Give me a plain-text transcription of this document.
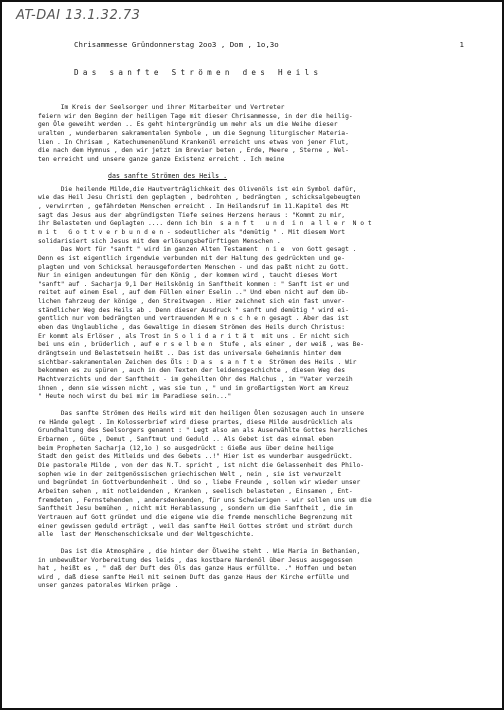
AT-DAI 13.1.32.73
Chrisammesse Gründonnerstag 2oo3 , Dom , 1o,3o	1
Das sanfte Strömen des Heils

Im Kreis der Seelsorger und ihrer Mitarbeiter und Vertreter
feiern wir den Beginn der heiligen Tage mit dieser Chrisammesse, in der die heilig-
gen Öle geweiht werden .. Es geht hintergründig um mehr als um die Weihe dieser
uralten , wunderbaren sakramentalen Symbole , um die Segnung liturgischer Materia-
lien . In Chrisam , Katechumenenölund Krankenöl erreicht uns etwas von jener Flut,
die nach dem Hymnus , den wir jetzt im Brevier beten , Erde, Meere , Sterne , Wel-
ten erreicht und unsere ganze ganze Existenz erreicht . Ich meine

das sanfte Strömen des Heils .

Die heilende Milde,die Hautverträglichkeit des Olivenöls ist ein Symbol dafür,
wie das Heil Jesu Christi den geplagten , bedrohten , bedrängten , schicksalgebeugten
, verwirrten , gefährdeten Menschen erreicht . Im Heilandsruf im 11.Kapitel des Mt
sagt das Jesus aus der abgründigsten Tiefe seines Herzens heraus : "Kommt zu mir,
ihr Belasteten und Geplagten .... denn ich bin  s a n f t   u n d  i n  a l l e r  N o t
m i t   G o t t v e r b u n d e n - sodeutlicher als "demütig " . Mit diesem Wort
solidarisiert sich Jesus mit dem erlösungsbefürftigen Menschen .
Das Wort für "sanft " wird im ganzen Alten Testament  n i e  von Gott gesagt .
Denn es ist eigentlich irgendwie verbunden mit der Haltung des gedrückten und ge-
plagten und vom Schicksal herausgeforderten Menschen - und das paßt nicht zu Gott.
Nur in einigen andeutungen für den König , der kommen wird , taucht dieses Wort
"sanft" auf . Sacharja 9,1 Der Heilskönig in Sanftheit kommen : " Sanft ist er und
reitet auf einem Esel , auf dem Füllen einer Eselin .." Und eben nicht auf dem üb-
lichen fahrzeug der könige , den Streitwagen . Hier zeichnet sich ein fast unver-
ständlicher Weg des Heils ab . Denn dieser Ausdruck " sanft und demütig " wird ei-
gentlich nur vom bedrängten und vertrauenden M e n s c h e n gesagt . Aber das ist
eben das Unglaubliche , das Gewaltige in diesem Strömen des Heils durch Christus:
Er kommt als Erlöser , als Trost in S o l i d a r i t ä t  mit uns . Er nicht sich
bei uns ein , brüderlich , auf e r s e l b e n  Stufe , als einer , der weiß , was Be-
drängtsein und Belastetsein heißt .. Das ist das universale Geheimnis hinter dem
sichtbar-sakramentalen Zeichen des Öls : D a s  s a n f t e  Strömen des Heils . Wir
bekommen es zu spüren , auch in den Texten der leidensgeschichte , diesen Weg des
Machtverzichts und der Sanftheit - im geheilten Ohr des Malchus , im "Vater verzeih
ihnen , denn sie wissen nicht , was sie tun , " und im großartigsten Wort am Kreuz
" Heute noch wirst du bei mir im Paradiese sein..."

Das sanfte Strömen des Heils wird mit den heiligen Ölen sozusagen auch in unsere
re Hände gelegt . Im Kolosserbrief wird diese prartes, diese Milde ausdrücklich als
Grundhaltung des Seelsorgers genannt : " Legt also an als Auserwählte Gottes herzliches
Erbarmen , Güte , Demut , Sanftmut und Geduld .. Als Gebet ist das einmal eben
beim Propheten Sacharja (12,1o ) so ausgedrückt : Gieße aus über deine heilige
Stadt den geist des Mitleids und des Gebets ..!" Hier ist es wunderbar ausgedrückt.
Die pastorale Milde , von der das N.T. spricht , ist nicht die Gelassenheit des Philo-
sophen wie in der zeitgenössischen griechischen Welt , nein , sie ist verwurzelt
und begründet in Gottverbundenheit . Und so , liebe Freunde , sollen wir wieder unser
Arbeiten sehen , mit notleidenden , Kranken , seelisch belasteten , Einsamen , Ent-
fremdeten , Fernstehenden , andersdenkenden, für uns Schwierigen - wir sollen uns um die
Sanftheit Jesu bemühen , nicht mit Herablassung , sondern um die Sanftheit , die im
Vertrauen auf Gott gründet und die eigene wie die fremde menschliche Begrenzung mit
einer gewissen geduld erträgt , weil das sanfte Heil Gottes strömt und strömt durch
alle  last der Menschenschicksale und der Weltgeschichte.

Das ist die Atmosphäre , die hinter der Ölweihe steht . Wie Maria in Bethanien,
in unbewußter Vorbereitung des leids , das kostbare Nardenöl über Jesus ausgegossen
hat , heißt es , " daß der Duft des Öls das ganze Haus erfüllte. ." Hoffen und beten
wird , daß diese sanfte Heil mit seinem Duft das ganze Haus der Kirche erfülle und
unser ganzes patorales Wirken präge .
